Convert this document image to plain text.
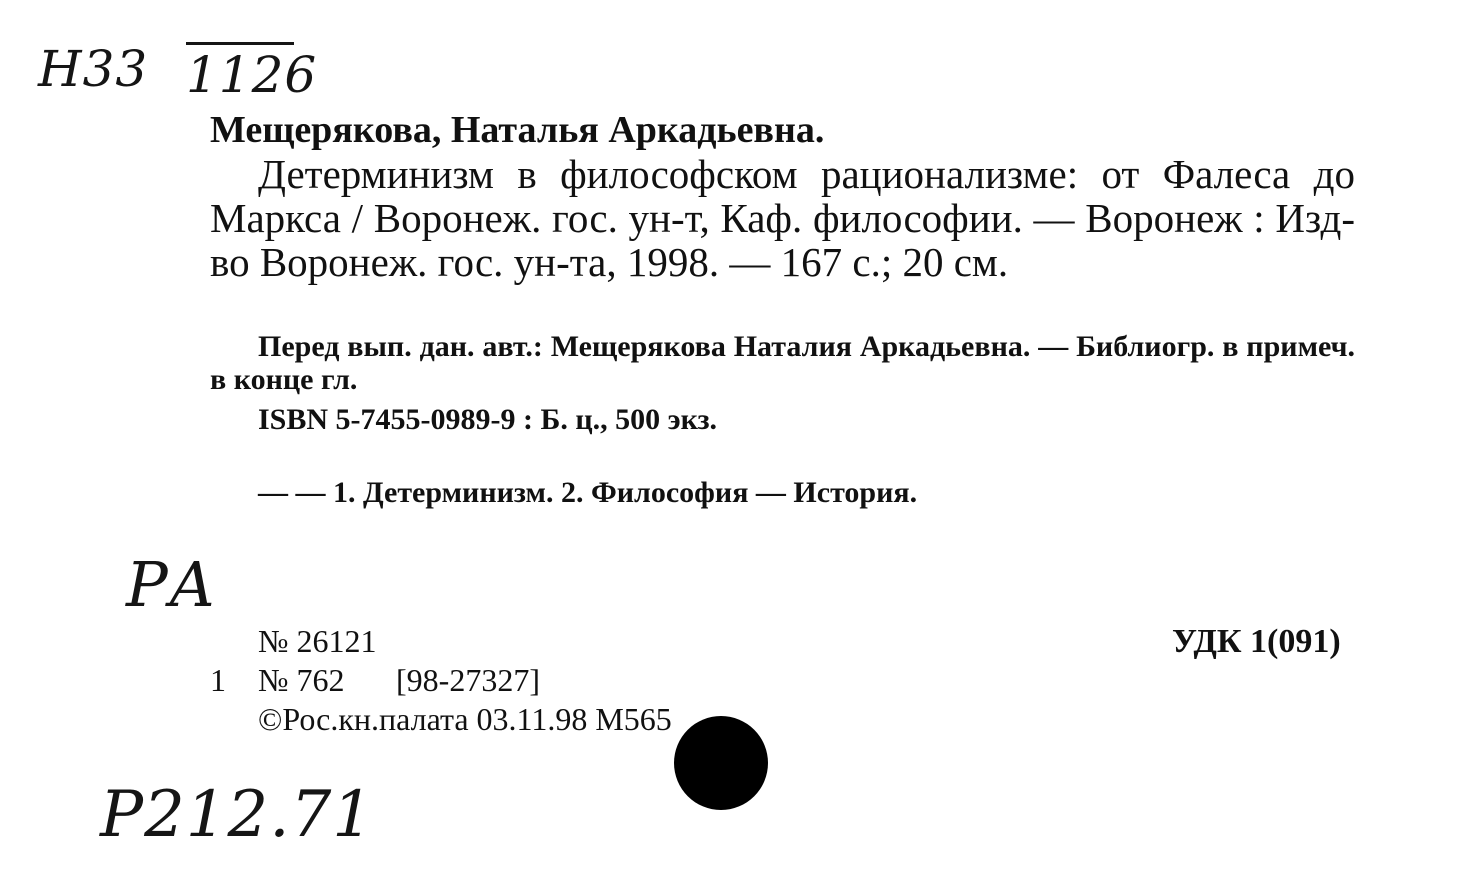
Н33 1126
Мещерякова, Наталья Аркадьевна.
Детерминизм в философском рационализме: от Фалеса до Маркса / Воронеж. гос. ун-т, Каф. философии. — Воронеж : Изд-во Воронеж. гос. ун-та, 1998. — 167 с.; 20 см.
Перед вып. дан. авт.: Мещерякова Наталия Аркадьевна. — Библиогр. в примеч. в конце гл.
ISBN 5-7455-0989-9 : Б. ц., 500 экз.
— — 1. Детерминизм. 2. Философия — История.
РА
№ 26121
1 № 762 [98-27327]
©Рос.кн.палата 03.11.98 М565
УДК 1(091)
Р212.71
